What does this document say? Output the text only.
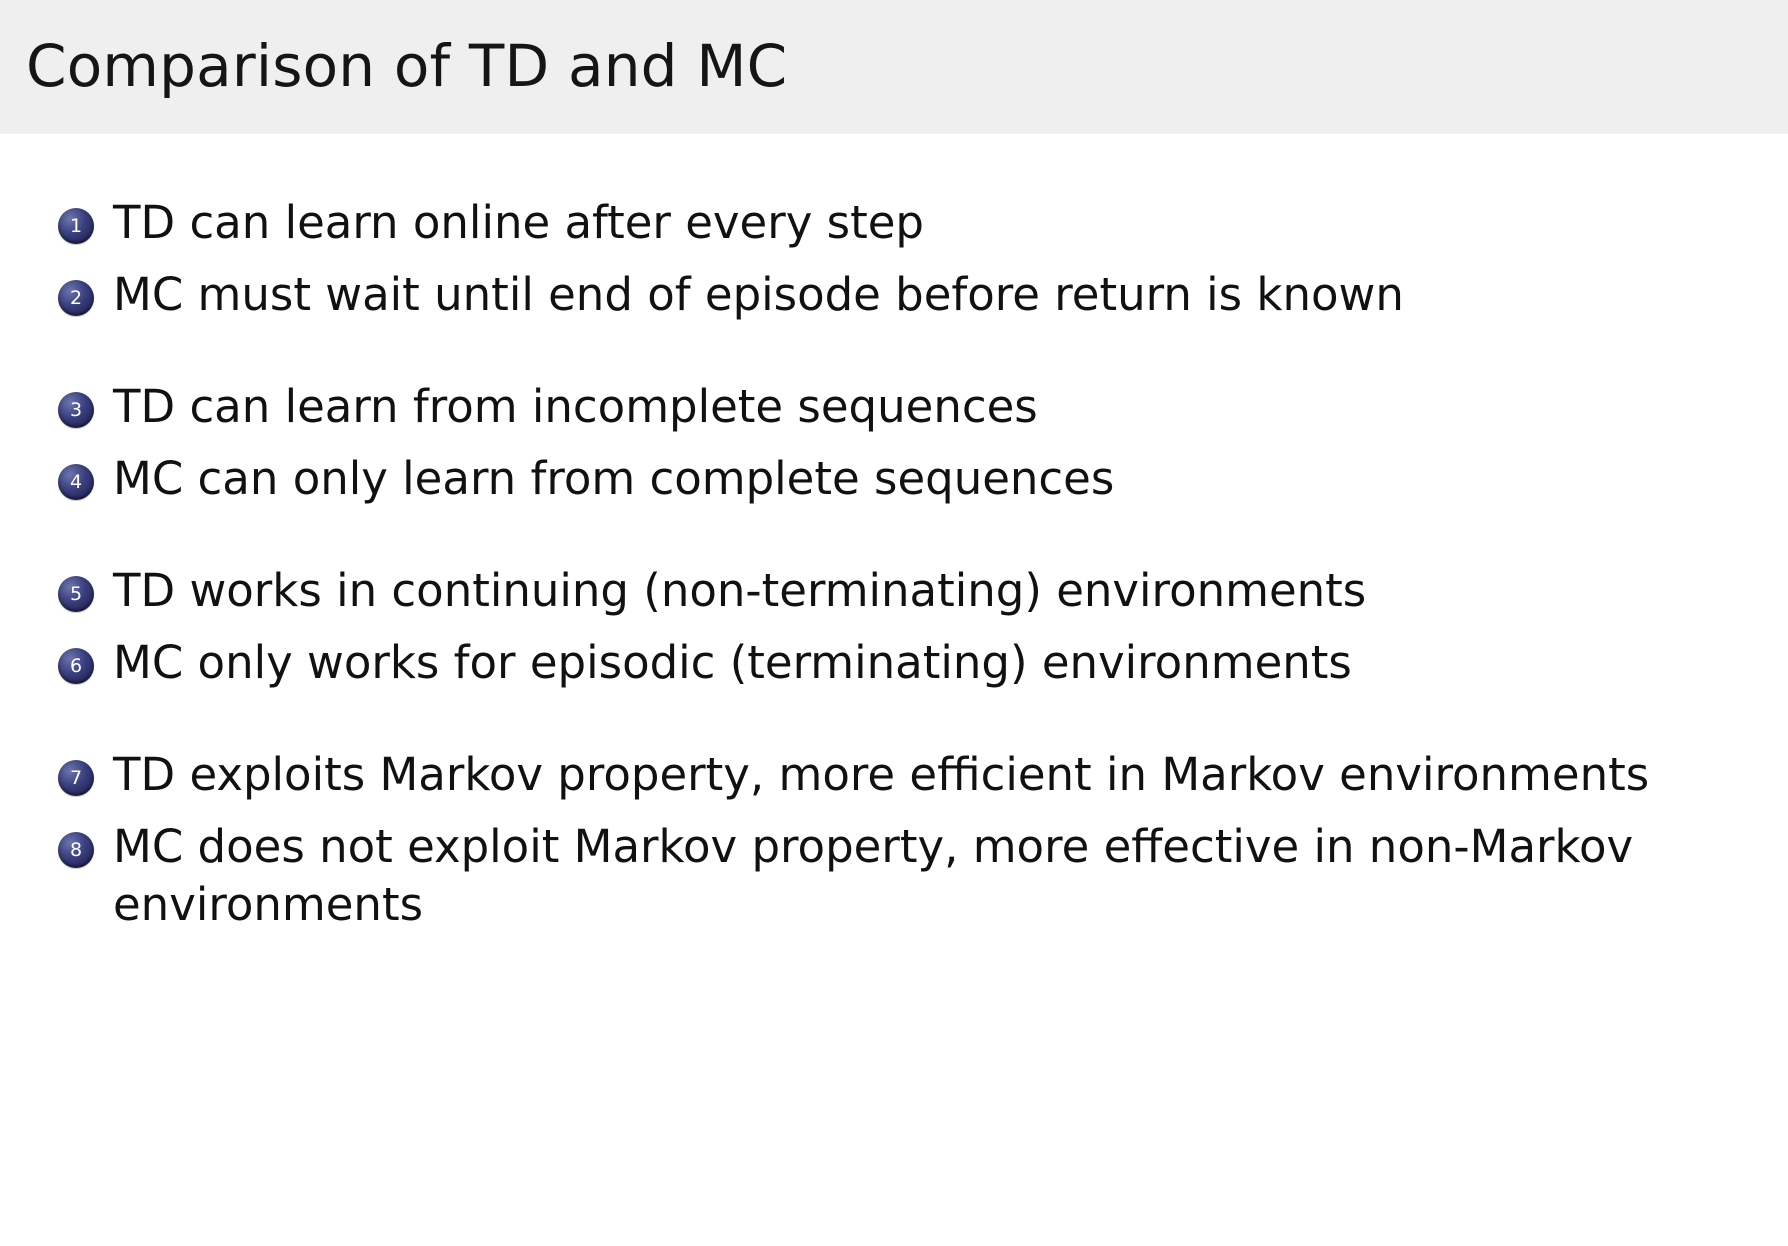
Comparison of TD and MC
1 TD can learn online after every step
2 MC must wait until end of episode before return is known
3 TD can learn from incomplete sequences
4 MC can only learn from complete sequences
5 TD works in continuing (non-terminating) environments
6 MC only works for episodic (terminating) environments
7 TD exploits Markov property, more efficient in Markov environments
8 MC does not exploit Markov property, more effective in non-Markov environments
